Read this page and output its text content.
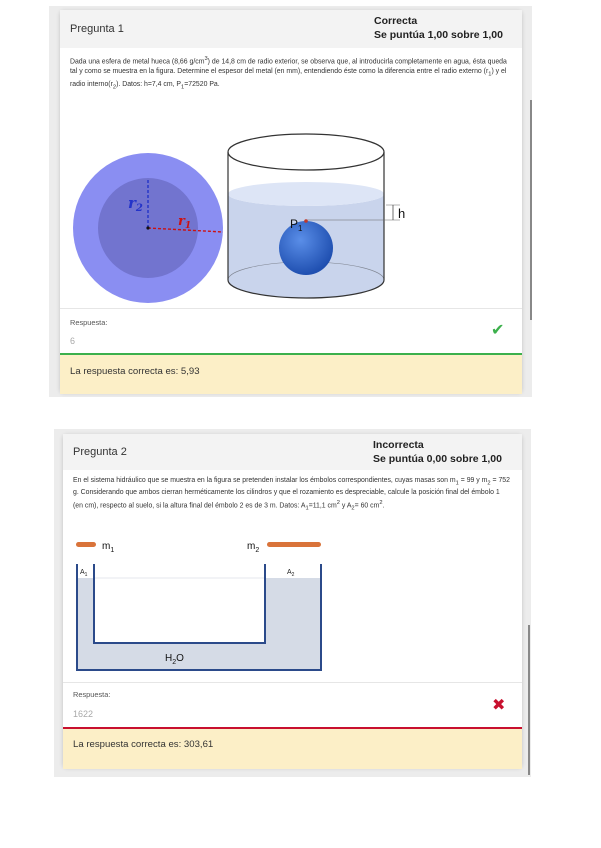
Pregunta 1
Correcta
Se puntúa 1,00 sobre 1,00
Dada una esfera de metal hueca (8,66 $g/cm^3$) de 14,8 cm de radio exterior, se observa que, al introducirla completamente en agua, ésta queda tal y como se muestra en la figura. Determine el espesor del metal (en mm), entendiendo éste como la diferencia entre el radio externo $(r_1)$ y el radio $interno(r_2)$. Datos: h=7,4 cm, $P_1=72520$ Pa.
$r_2$
$r_1$	$P_1$
h
Respuesta:
6
✔
La respuesta correcta es: 5,93
Pregunta 2
Incorrecta
Se puntúa 0,00 sobre 1,00
En el sistema hidráulico que se muestra en la figura se pretenden instalar los émbolos correspondientes, cuyas masas son $m_1 = 99$ y $m_2 = 752$ g. Considerando que ambos cierran herméticamente los cilindros y que el rozamiento es despreciable, calcule la posición final del émbolo 1 (en cm), respecto al suelo, si la altura final del émbolo 2 es de 3 m. Datos: $A_1=11,1$ $cm^2$ y $A_2= 60$ $cm^2$.
$m_1$	$m_2$
$A_1$	$A_2$
$H_2O$
Respuesta:
1622	✖
La respuesta correcta es: 303,61
